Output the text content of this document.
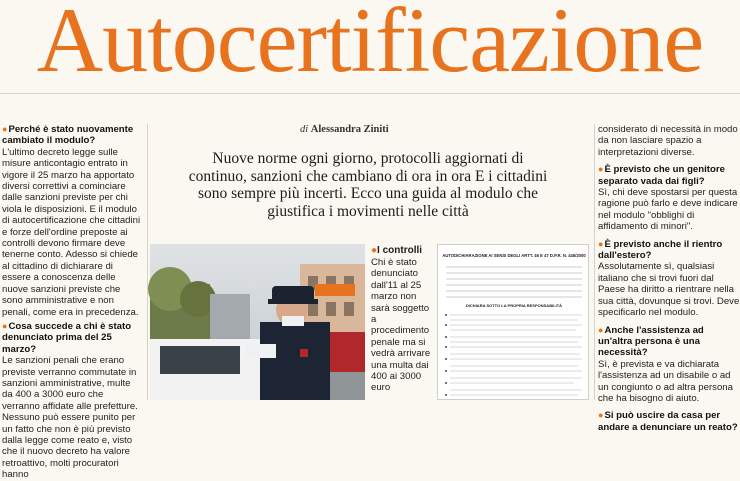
Autocertificazione
●Perché è stato nuovamente cambiato il modulo?
L'ultimo decreto legge sulle misure anticontagio entrato in vigore il 25 marzo ha apportato diversi correttivi a cominciare dalle sanzioni previste per chi viola le disposizioni. E il modulo di autocertificazione che cittadini e forze dell'ordine preposte ai controlli devono firmare deve tenerne conto. Adesso si chiede al cittadino di dichiarare di essere a conoscenza delle nuove sanzioni previste che sono amministrative e non penali, come era in precedenza.
●Cosa succede a chi è stato denunciato prima del 25 marzo?
Le sanzioni penali che erano previste verranno commutate in sanzioni amministrative, multe da 400 a 3000 euro che verranno affidate alle prefetture. Nessuno può essere punito per un fatto che non è più previsto dalla legge come reato e, visto che il nuovo decreto ha valore retroattivo, molti procuratori hanno
di Alessandra Ziniti
Nuove norme ogni giorno, protocolli aggiornati di continuo, sanzioni che cambiano di ora in ora E i cittadini sono sempre più incerti. Ecco una guida al modulo che giustifica i movimenti nelle città
●I controlli
Chi è stato denunciato dall'11 al 25 marzo non sarà soggetto a procedimento penale ma si vedrà arrivare una multa dai 400 ai 3000 euro
AUTODICHIARAZIONE AI SENSI DEGLI ARTT. 46 E 47 D.P.R. N. 445/2000
DICHIARA SOTTO LA PROPRIA RESPONSABILITÀ
considerato di necessità in modo da non lasciare spazio a interpretazioni diverse.
●È previsto che un genitore separato vada dai figli?
Sì, chi deve spostarsi per questa ragione può farlo e deve indicare nel modulo "obblighi di affidamento di minori".
●È previsto anche il rientro dall'estero?
Assolutamente sì, qualsiasi italiano che si trovi fuori dal Paese ha diritto a rientrare nella sua città, dovunque si trovi. Deve specificarlo nel modulo.
●Anche l'assistenza ad un'altra persona è una necessità?
Sì, è prevista e va dichiarata l'assistenza ad un disabile o ad un congiunto o ad altra persona che ha bisogno di aiuto.
●Si può uscire da casa per andare a denunciare un reato?
